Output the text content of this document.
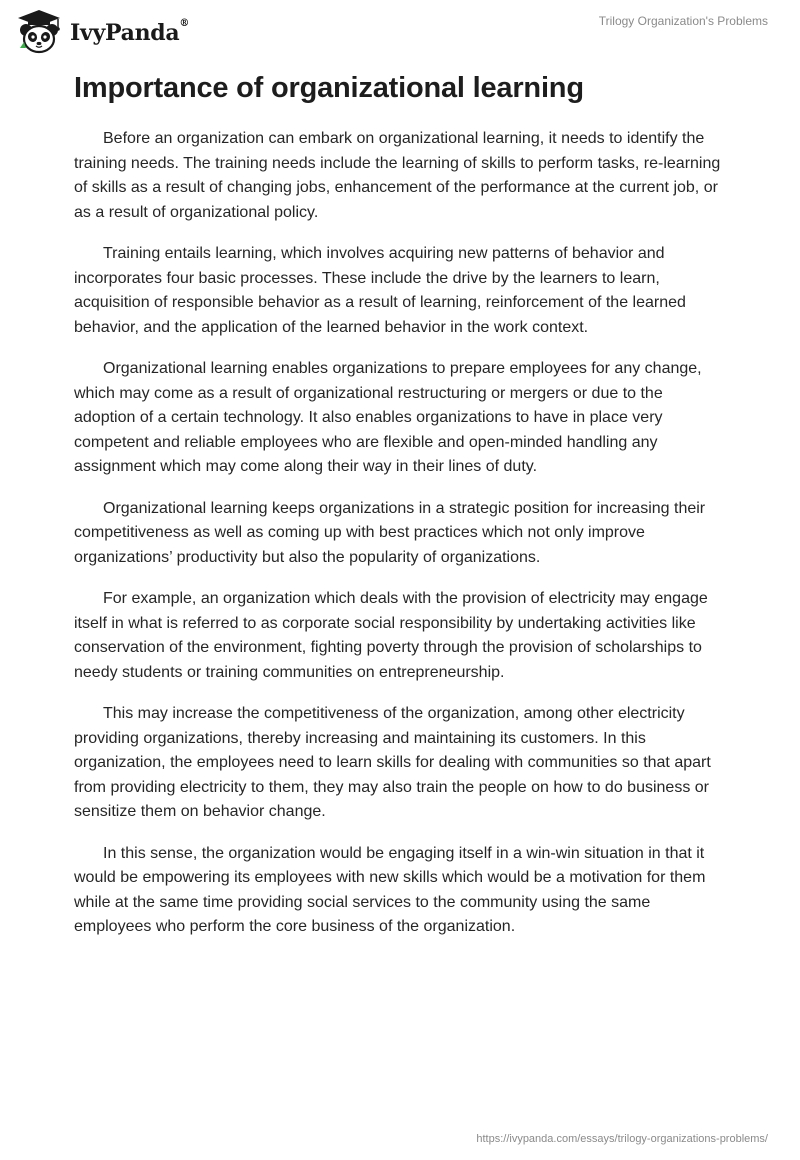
IvyPanda®	Trilogy Organization's Problems
Importance of organizational learning

Before an organization can embark on organizational learning, it needs to identify the training needs. The training needs include the learning of skills to perform tasks, re-learning of skills as a result of changing jobs, enhancement of the performance at the current job, or as a result of organizational policy.

Training entails learning, which involves acquiring new patterns of behavior and incorporates four basic processes. These include the drive by the learners to learn, acquisition of responsible behavior as a result of learning, reinforcement of the learned behavior, and the application of the learned behavior in the work context.

Organizational learning enables organizations to prepare employees for any change, which may come as a result of organizational restructuring or mergers or due to the adoption of a certain technology. It also enables organizations to have in place very competent and reliable employees who are flexible and open-minded handling any assignment which may come along their way in their lines of duty.

Organizational learning keeps organizations in a strategic position for increasing their competitiveness as well as coming up with best practices which not only improve organizations’ productivity but also the popularity of organizations.

For example, an organization which deals with the provision of electricity may engage itself in what is referred to as corporate social responsibility by undertaking activities like conservation of the environment, fighting poverty through the provision of scholarships to needy students or training communities on entrepreneurship.

This may increase the competitiveness of the organization, among other electricity providing organizations, thereby increasing and maintaining its customers. In this organization, the employees need to learn skills for dealing with communities so that apart from providing electricity to them, they may also train the people on how to do business or sensitize them on behavior change.

In this sense, the organization would be engaging itself in a win-win situation in that it would be empowering its employees with new skills which would be a motivation for them while at the same time providing social services to the community using the same employees who perform the core business of the organization.

https://ivypanda.com/essays/trilogy-organizations-problems/
